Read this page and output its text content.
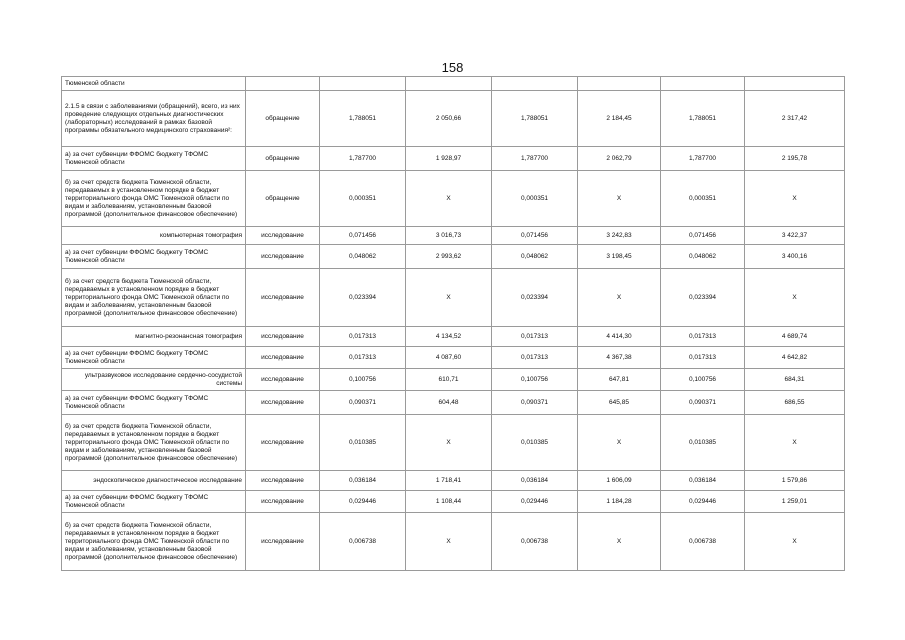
158
Тюменской области							
2.1.5 в связи с заболеваниями (обращений), всего, из них проведение следующих отдельных диагностических (лабораторных) исследований в рамках базовой программы обязательного медицинского страхования²:	обращение	1,788051	2 050,66	1,788051	2 184,45	1,788051	2 317,42
а) за счет субвенции ФФОМС бюджету ТФОМС Тюменской области	обращение	1,787700	1 928,97	1,787700	2 062,79	1,787700	2 195,78
б) за счет средств бюджета Тюменской области, передаваемых в установленном порядке в бюджет территориального фонда ОМС Тюменской области по видам и заболеваниям, установленным базовой программой (дополнительное финансовое обеспечение)	обращение	0,000351	X	0,000351	X	0,000351	X
компьютерная томография	исследование	0,071456	3 016,73	0,071456	3 242,83	0,071456	3 422,37
а) за счет субвенции ФФОМС бюджету ТФОМС Тюменской области	исследование	0,048062	2 993,62	0,048062	3 198,45	0,048062	3 400,16
б) за счет средств бюджета Тюменской области, передаваемых в установленном порядке в бюджет территориального фонда ОМС Тюменской области по видам и заболеваниям, установленным базовой программой (дополнительное финансовое обеспечение)	исследование	0,023394	X	0,023394	X	0,023394	X
магнитно-резонансная томография	исследование	0,017313	4 134,52	0,017313	4 414,30	0,017313	4 689,74
а) за счет субвенции ФФОМС бюджету ТФОМС Тюменской области	исследование	0,017313	4 087,60	0,017313	4 367,38	0,017313	4 642,82
ультразвуковое исследование сердечно-сосудистой системы	исследование	0,100756	610,71	0,100756	647,81	0,100756	684,31
а) за счет субвенции ФФОМС бюджету ТФОМС Тюменской области	исследование	0,090371	604,48	0,090371	645,85	0,090371	686,55
б) за счет средств бюджета Тюменской области, передаваемых в установленном порядке в бюджет территориального фонда ОМС Тюменской области по видам и заболеваниям, установленным базовой программой (дополнительное финансовое обеспечение)	исследование	0,010385	X	0,010385	X	0,010385	X
эндоскопическое диагностическое исследование	исследование	0,036184	1 718,41	0,036184	1 606,09	0,036184	1 579,86
а) за счет субвенции ФФОМС бюджету ТФОМС Тюменской области	исследование	0,029446	1 108,44	0,029446	1 184,28	0,029446	1 259,01
б) за счет средств бюджета Тюменской области, передаваемых в установленном порядке в бюджет территориального фонда ОМС Тюменской области по видам и заболеваниям, установленным базовой программой (дополнительное финансовое обеспечение)	исследование	0,006738	X	0,006738	X	0,006738	X
